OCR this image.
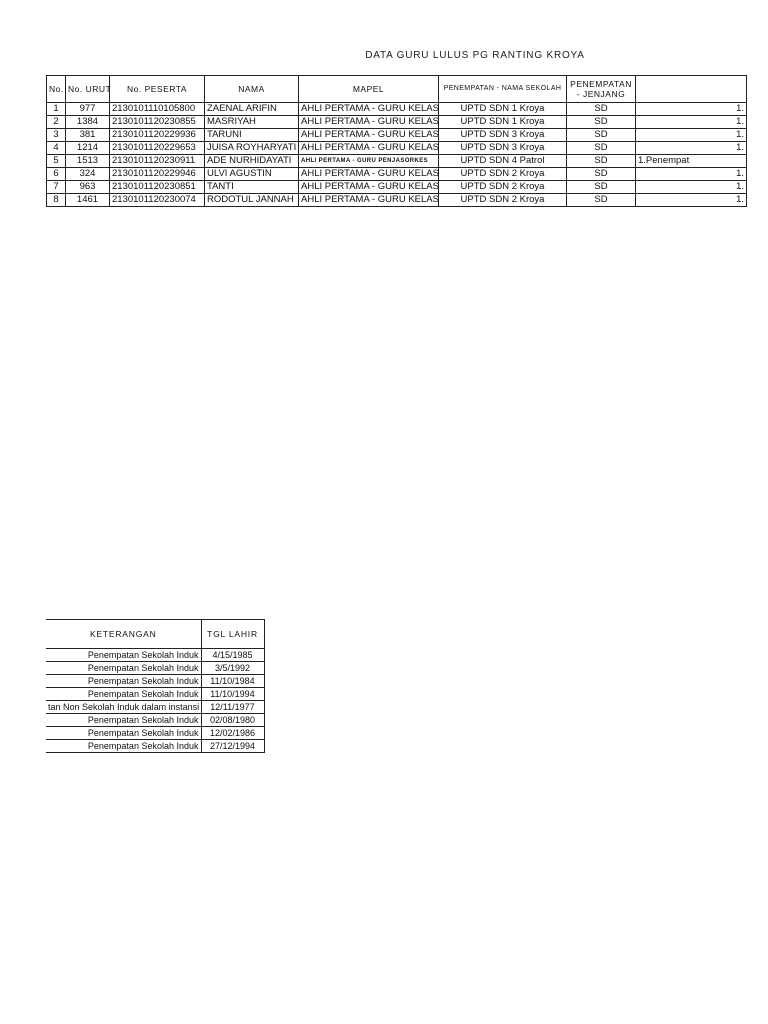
DATA GURU LULUS PG RANTING KROYA
No.	No. URUT	No. PESERTA	NAMA	MAPEL	PENEMPATAN - NAMA SEKOLAH	PENEMPATAN - JENJANG	
1	977	2130101110105800	ZAENAL ARIFIN	AHLI PERTAMA - GURU KELAS	UPTD SDN 1 Kroya	SD	1.
2	1384	2130101120230855	MASRIYAH	AHLI PERTAMA - GURU KELAS	UPTD SDN 1 Kroya	SD	1.
3	381	2130101120229936	TARUNI	AHLI PERTAMA - GURU KELAS	UPTD SDN 3 Kroya	SD	1.
4	1214	2130101120229653	JUISA ROYHARYATI	AHLI PERTAMA - GURU KELAS	UPTD SDN 3 Kroya	SD	1.
5	1513	2130101120230911	ADE NURHIDAYATI	AHLI PERTAMA - GURU PENJASORKES	UPTD SDN 4 Patrol	SD	1.Penempat
6	324	2130101120229946	ULVI AGUSTIN	AHLI PERTAMA - GURU KELAS	UPTD SDN 2 Kroya	SD	1.
7	963	2130101120230851	TANTI	AHLI PERTAMA - GURU KELAS	UPTD SDN 2 Kroya	SD	1.
8	1461	2130101120230074	RODOTUL JANNAH	AHLI PERTAMA - GURU KELAS	UPTD SDN 2 Kroya	SD	1.
KETERANGAN	TGL LAHIR
Penempatan Sekolah Induk	4/15/1985
Penempatan Sekolah Induk	3/5/1992
Penempatan Sekolah Induk	11/10/1984
Penempatan Sekolah Induk	11/10/1994
tan Non Sekolah Induk dalam instansi	12/11/1977
Penempatan Sekolah Induk	02/08/1980
Penempatan Sekolah Induk	12/02/1986
Penempatan Sekolah Induk	27/12/1994
